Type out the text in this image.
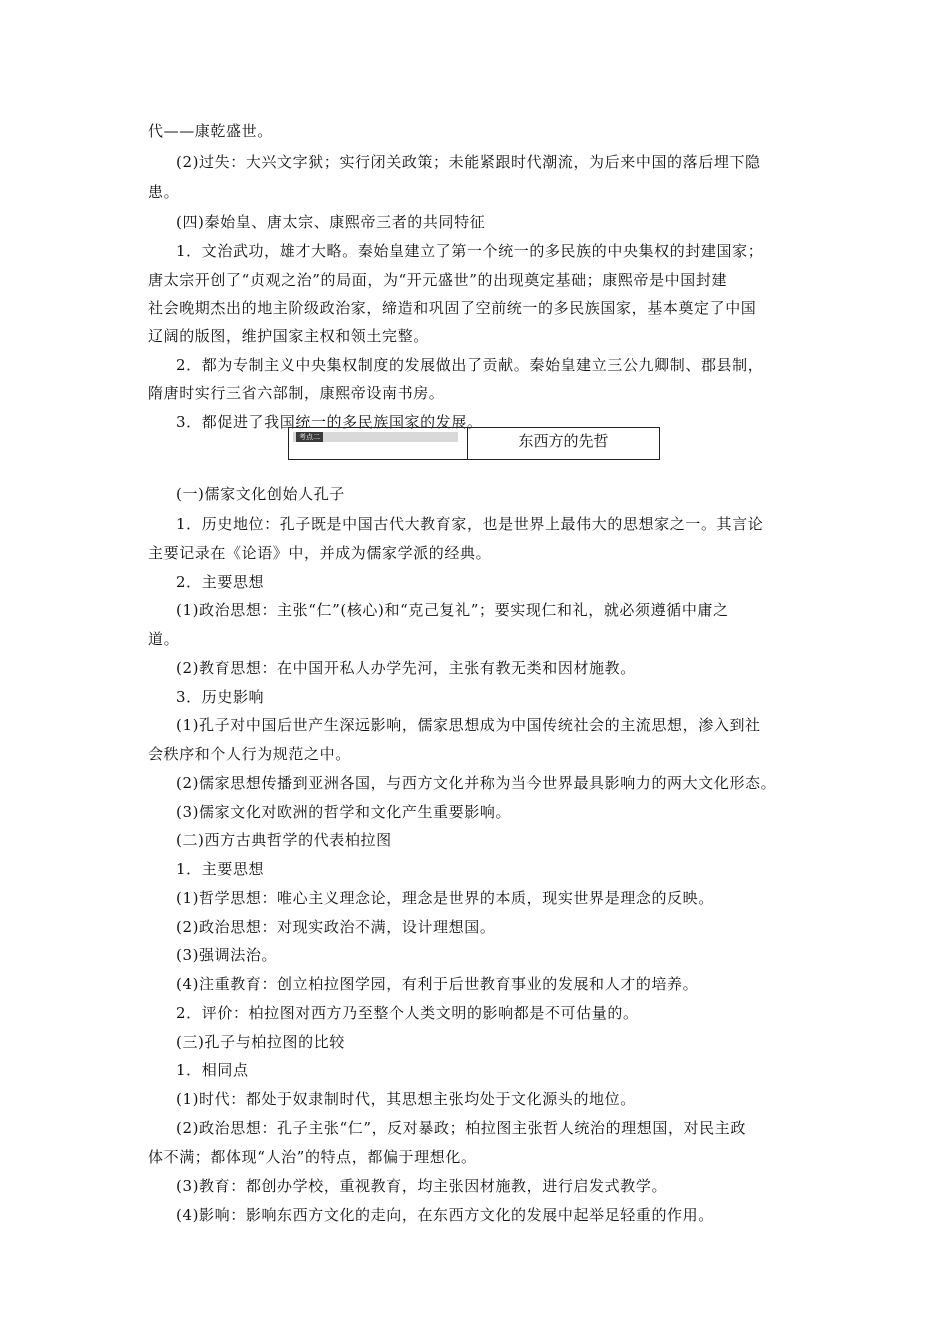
代——康乾盛世。
(2)过失：大兴文字狱；实行闭关政策；未能紧跟时代潮流，为后来中国的落后埋下隐
患。
(四)秦始皇、唐太宗、康熙帝三者的共同特征
1．文治武功，雄才大略。秦始皇建立了第一个统一的多民族的中央集权的封建国家；
唐太宗开创了“贞观之治”的局面，为“开元盛世”的出现奠定基础；康熙帝是中国封建
社会晚期杰出的地主阶级政治家，缔造和巩固了空前统一的多民族国家，基本奠定了中国
辽阔的版图，维护国家主权和领土完整。
2．都为专制主义中央集权制度的发展做出了贡献。秦始皇建立三公九卿制、郡县制，
隋唐时实行三省六部制，康熙帝设南书房。
3．都促进了我国统一的多民族国家的发展。
考点二	东西方的先哲
(一)儒家文化创始人孔子
1．历史地位：孔子既是中国古代大教育家，也是世界上最伟大的思想家之一。其言论
主要记录在《论语》中，并成为儒家学派的经典。
2．主要思想
(1)政治思想：主张“仁”(核心)和“克己复礼”；要实现仁和礼，就必须遵循中庸之
道。
(2)教育思想：在中国开私人办学先河，主张有教无类和因材施教。
3．历史影响
(1)孔子对中国后世产生深远影响，儒家思想成为中国传统社会的主流思想，渗入到社
会秩序和个人行为规范之中。
(2)儒家思想传播到亚洲各国，与西方文化并称为当今世界最具影响力的两大文化形态。
(3)儒家文化对欧洲的哲学和文化产生重要影响。
(二)西方古典哲学的代表柏拉图
1．主要思想
(1)哲学思想：唯心主义理念论，理念是世界的本质，现实世界是理念的反映。
(2)政治思想：对现实政治不满，设计理想国。
(3)强调法治。
(4)注重教育：创立柏拉图学园，有利于后世教育事业的发展和人才的培养。
2．评价：柏拉图对西方乃至整个人类文明的影响都是不可估量的。
(三)孔子与柏拉图的比较
1．相同点
(1)时代：都处于奴隶制时代，其思想主张均处于文化源头的地位。
(2)政治思想：孔子主张“仁”，反对暴政；柏拉图主张哲人统治的理想国，对民主政
体不满；都体现“人治”的特点，都偏于理想化。
(3)教育：都创办学校，重视教育，均主张因材施教，进行启发式教学。
(4)影响：影响东西方文化的走向，在东西方文化的发展中起举足轻重的作用。
